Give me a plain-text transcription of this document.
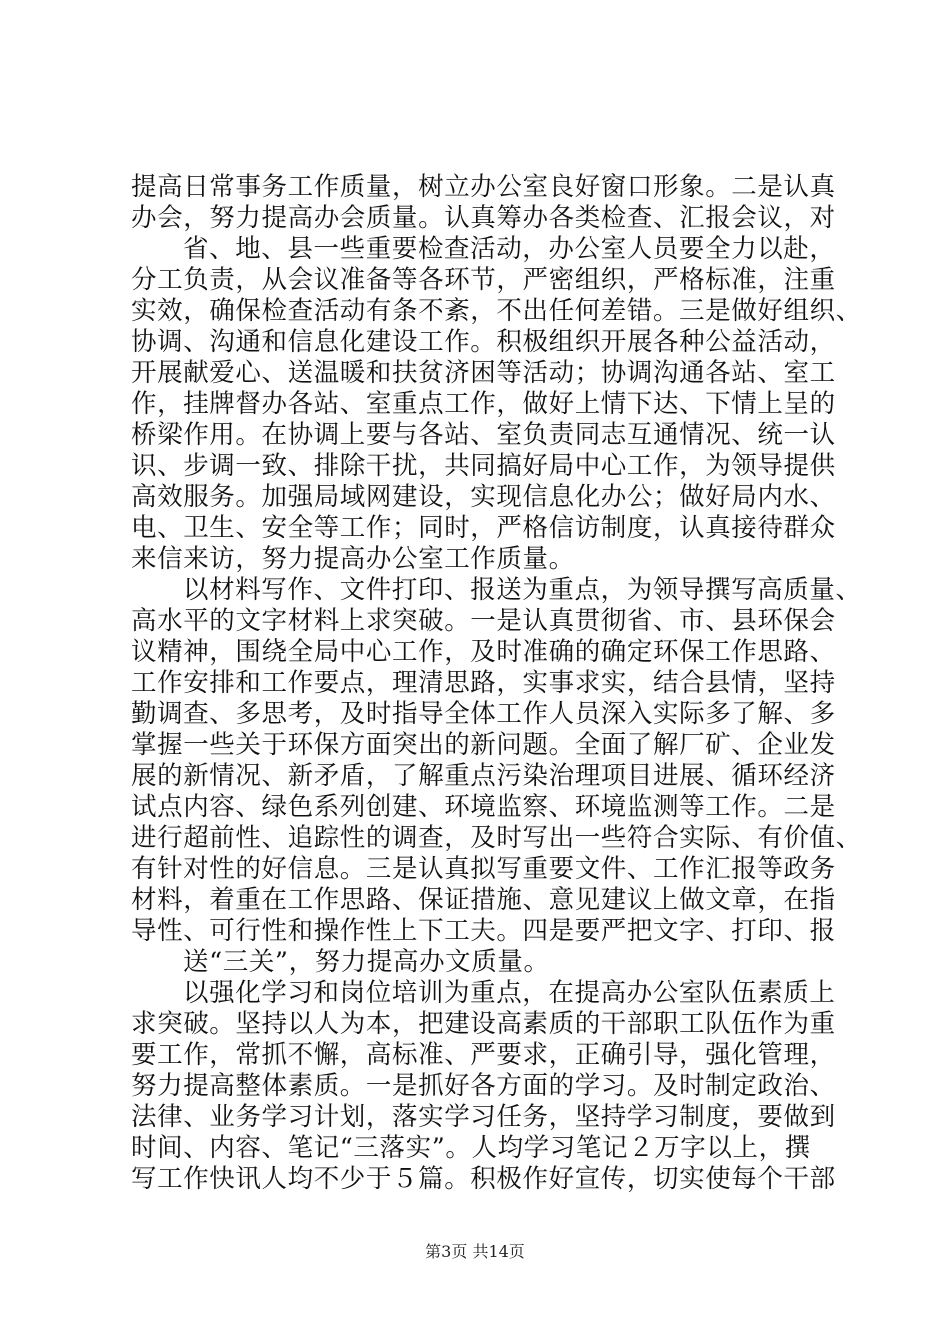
提高日常事务工作质量，树立办公室良好窗口形象。二是认真
办会，努力提高办会质量。认真筹办各类检查、汇报会议，对
省、地、县一些重要检查活动，办公室人员要全力以赴，
分工负责，从会议准备等各环节，严密组织，严格标准，注重
实效，确保检查活动有条不紊，不出任何差错。三是做好组织、
协调、沟通和信息化建设工作。积极组织开展各种公益活动，
开展献爱心、送温暖和扶贫济困等活动；协调沟通各站、室工
作，挂牌督办各站、室重点工作，做好上情下达、下情上呈的
桥梁作用。在协调上要与各站、室负责同志互通情况、统一认
识、步调一致、排除干扰，共同搞好局中心工作，为领导提供
高效服务。加强局域网建设，实现信息化办公；做好局内水、
电、卫生、安全等工作；同时，严格信访制度，认真接待群众
来信来访，努力提高办公室工作质量。
以材料写作、文件打印、报送为重点，为领导撰写高质量、
高水平的文字材料上求突破。一是认真贯彻省、市、县环保会
议精神，围绕全局中心工作，及时准确的确定环保工作思路、
工作安排和工作要点，理清思路，实事求实，结合县情，坚持
勤调查、多思考，及时指导全体工作人员深入实际多了解、多
掌握一些关于环保方面突出的新问题。全面了解厂矿、企业发
展的新情况、新矛盾，了解重点污染治理项目进展、循环经济
试点内容、绿色系列创建、环境监察、环境监测等工作。二是
进行超前性、追踪性的调查，及时写出一些符合实际、有价值、
有针对性的好信息。三是认真拟写重要文件、工作汇报等政务
材料，着重在工作思路、保证措施、意见建议上做文章，在指
导性、可行性和操作性上下工夫。四是要严把文字、打印、报
送“三关”，努力提高办文质量。
以强化学习和岗位培训为重点，在提高办公室队伍素质上
求突破。坚持以人为本，把建设高素质的干部职工队伍作为重
要工作，常抓不懈，高标准、严要求，正确引导，强化管理，
努力提高整体素质。一是抓好各方面的学习。及时制定政治、
法律、业务学习计划，落实学习任务，坚持学习制度，要做到
时间、内容、笔记“三落实”。人均学习笔记２万字以上，撰
写工作快讯人均不少于５篇。积极作好宣传，切实使每个干部
第3页 共14页
